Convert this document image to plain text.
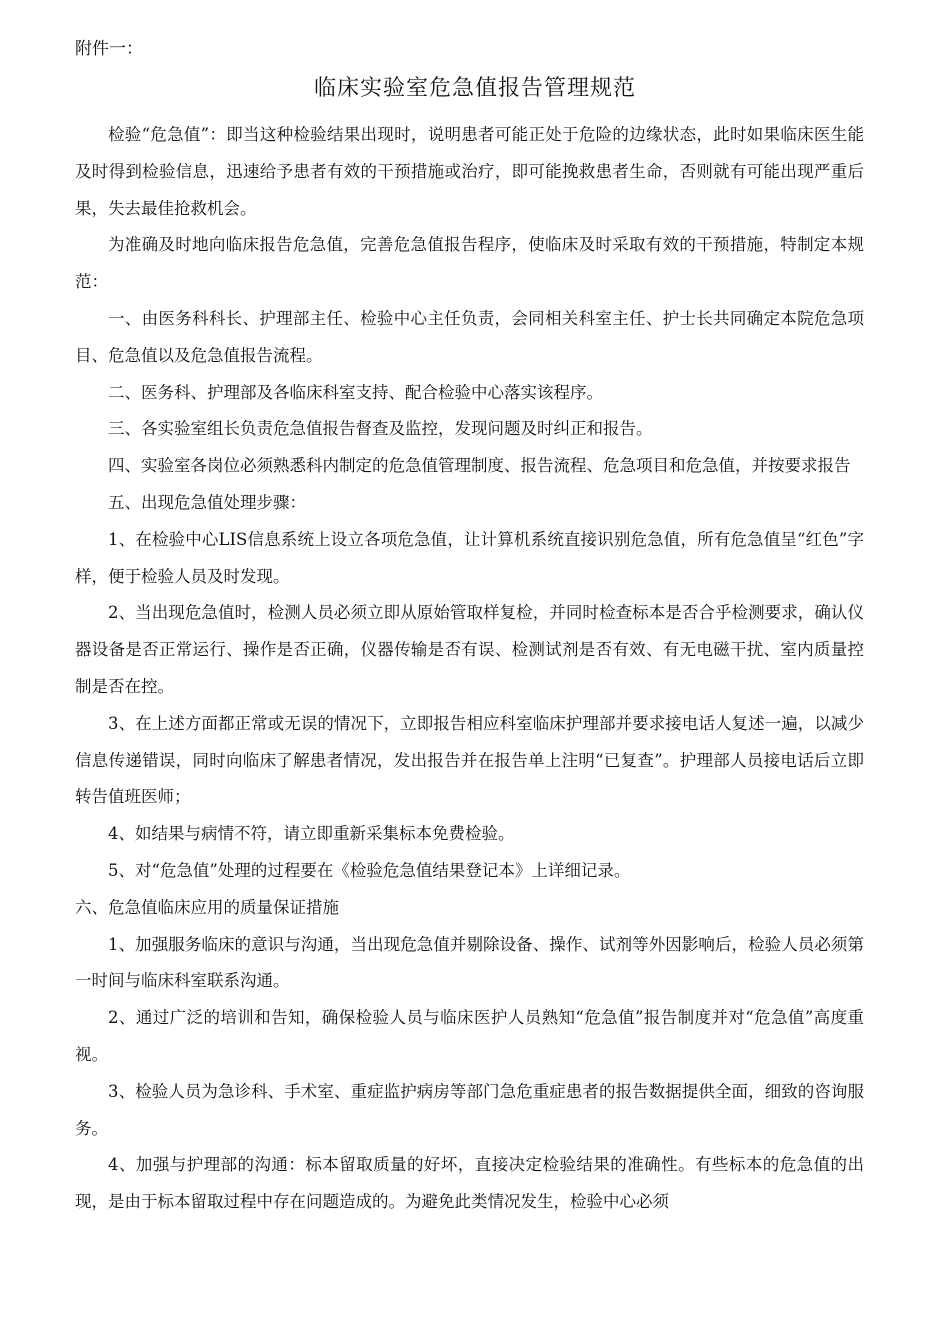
附件一：
临床实验室危急值报告管理规范

检验“危急值”：即当这种检验结果出现时，说明患者可能正处于危险的边缘状态，此时如果临床医生能及时得到检验信息，迅速给予患者有效的干预措施或治疗，即可能挽救患者生命，否则就有可能出现严重后果，失去最佳抢救机会。

为准确及时地向临床报告危急值，完善危急值报告程序，使临床及时采取有效的干预措施，特制定本规范：

一、由医务科科长、护理部主任、检验中心主任负责，会同相关科室主任、护士长共同确定本院危急项目、危急值以及危急值报告流程。

二、医务科、护理部及各临床科室支持、配合检验中心落实该程序。

三、各实验室组长负责危急值报告督查及监控，发现问题及时纠正和报告。

四、实验室各岗位必须熟悉科内制定的危急值管理制度、报告流程、危急项目和危急值，并按要求报告

五、出现危急值处理步骤：

1、在检验中心LIS信息系统上设立各项危急值，让计算机系统直接识别危急值，所有危急值呈“红色”字样，便于检验人员及时发现。

2、当出现危急值时，检测人员必须立即从原始管取样复检，并同时检查标本是否合乎检测要求，确认仪器设备是否正常运行、操作是否正确，仪器传输是否有误、检测试剂是否有效、有无电磁干扰、室内质量控制是否在控。

3、在上述方面都正常或无误的情况下，立即报告相应科室临床护理部并要求接电话人复述一遍，以减少信息传递错误，同时向临床了解患者情况，发出报告并在报告单上注明“已复查”。护理部人员接电话后立即转告值班医师；

4、如结果与病情不符，请立即重新采集标本免费检验。

5、对“危急值”处理的过程要在《检验危急值结果登记本》上详细记录。

六、危急值临床应用的质量保证措施

1、加强服务临床的意识与沟通，当出现危急值并剔除设备、操作、试剂等外因影响后，检验人员必须第一时间与临床科室联系沟通。

2、通过广泛的培训和告知，确保检验人员与临床医护人员熟知“危急值”报告制度并对“危急值”高度重视。

3、检验人员为急诊科、手术室、重症监护病房等部门急危重症患者的报告数据提供全面，细致的咨询服务。

4、加强与护理部的沟通：标本留取质量的好坏，直接决定检验结果的准确性。有些标本的危急值的出现，是由于标本留取过程中存在问题造成的。为避免此类情况发生，检验中心必须
